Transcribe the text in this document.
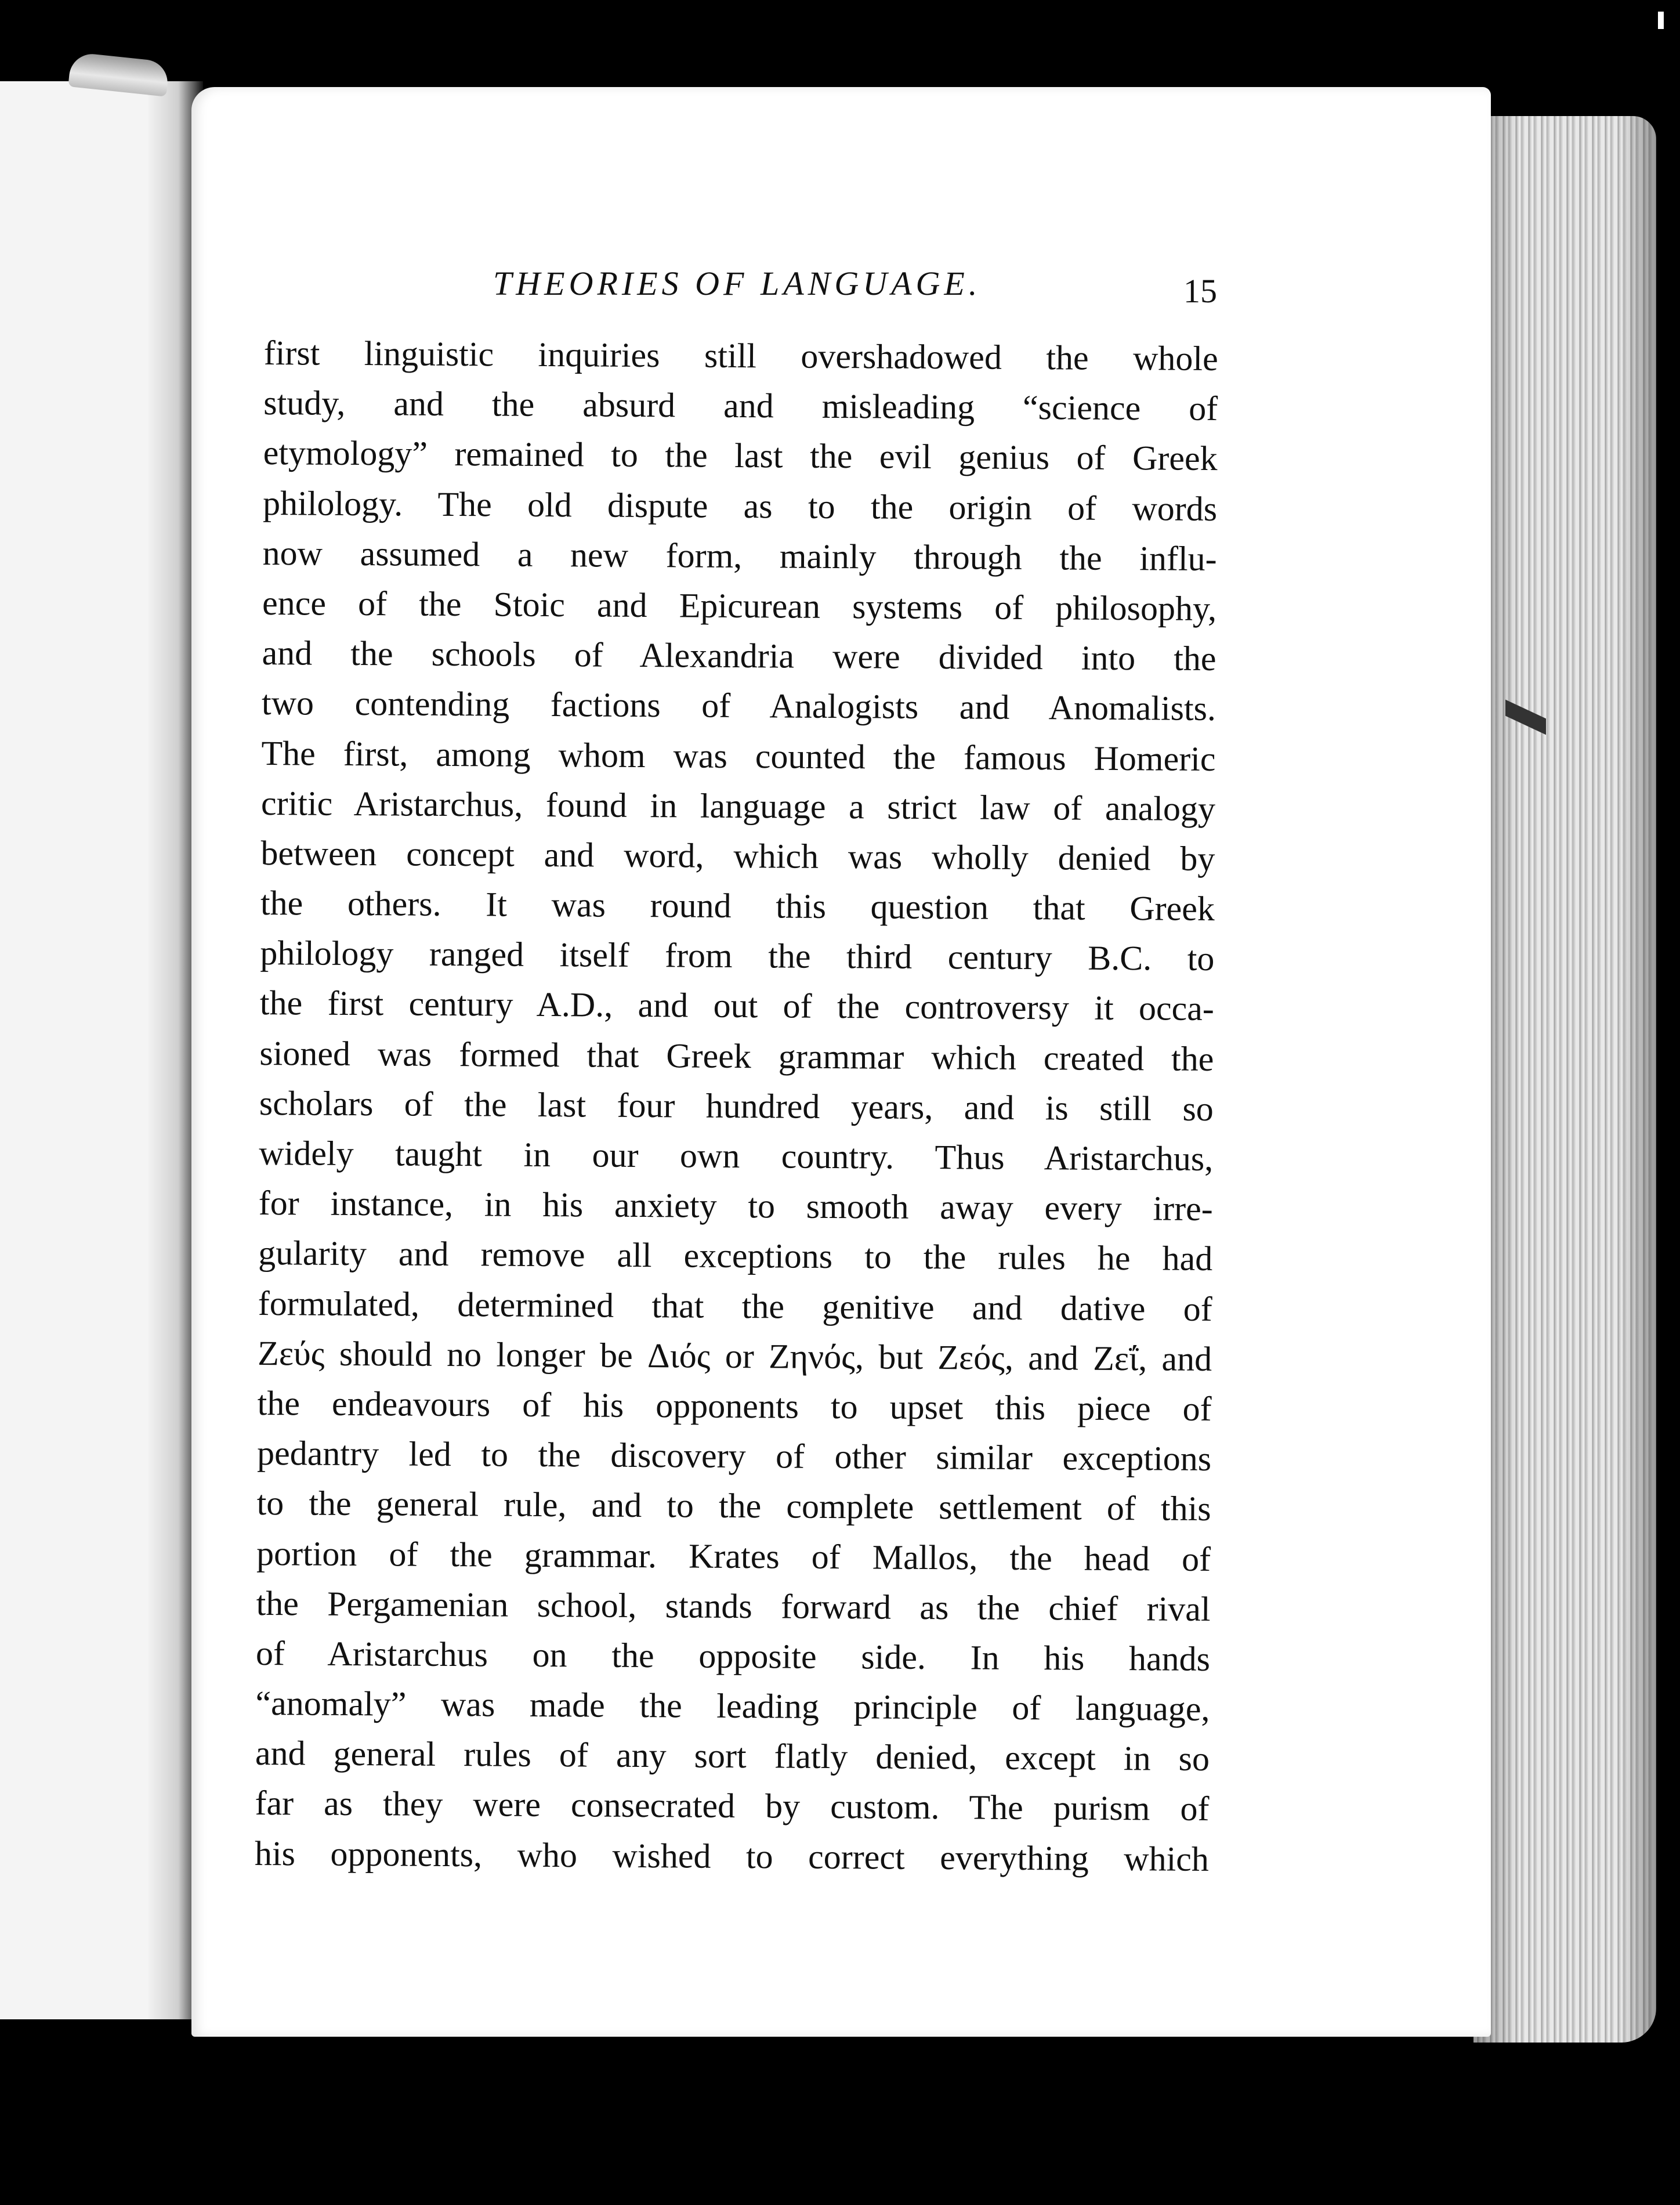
THEORIES OF LANGUAGE.	15
first linguistic inquiries still overshadowed the whole
study, and the absurd and misleading “science of
etymology” remained to the last the evil genius of Greek
philology. The old dispute as to the origin of words
now assumed a new form, mainly through the influ-
ence of the Stoic and Epicurean systems of philosophy,
and the schools of Alexandria were divided into the
two contending factions of Analogists and Anomalists.
The first, among whom was counted the famous Homeric
critic Aristarchus, found in language a strict law of analogy
between concept and word, which was wholly denied by
the others. It was round this question that Greek
philology ranged itself from the third century B.C. to
the first century A.D., and out of the controversy it occa-
sioned was formed that Greek grammar which created the
scholars of the last four hundred years, and is still so
widely taught in our own country. Thus Aristarchus,
for instance, in his anxiety to smooth away every irre-
gularity and remove all exceptions to the rules he had
formulated, determined that the genitive and dative of
Ζεύς should no longer be Διός or Ζηνός, but Ζεός, and Ζεΐ, and
the endeavours of his opponents to upset this piece of
pedantry led to the discovery of other similar exceptions
to the general rule, and to the complete settlement of this
portion of the grammar. Krates of Mallos, the head of
the Pergamenian school, stands forward as the chief rival
of Aristarchus on the opposite side. In his hands
“anomaly” was made the leading principle of language,
and general rules of any sort flatly denied, except in so
far as they were consecrated by custom. The purism of
his opponents, who wished to correct everything which
